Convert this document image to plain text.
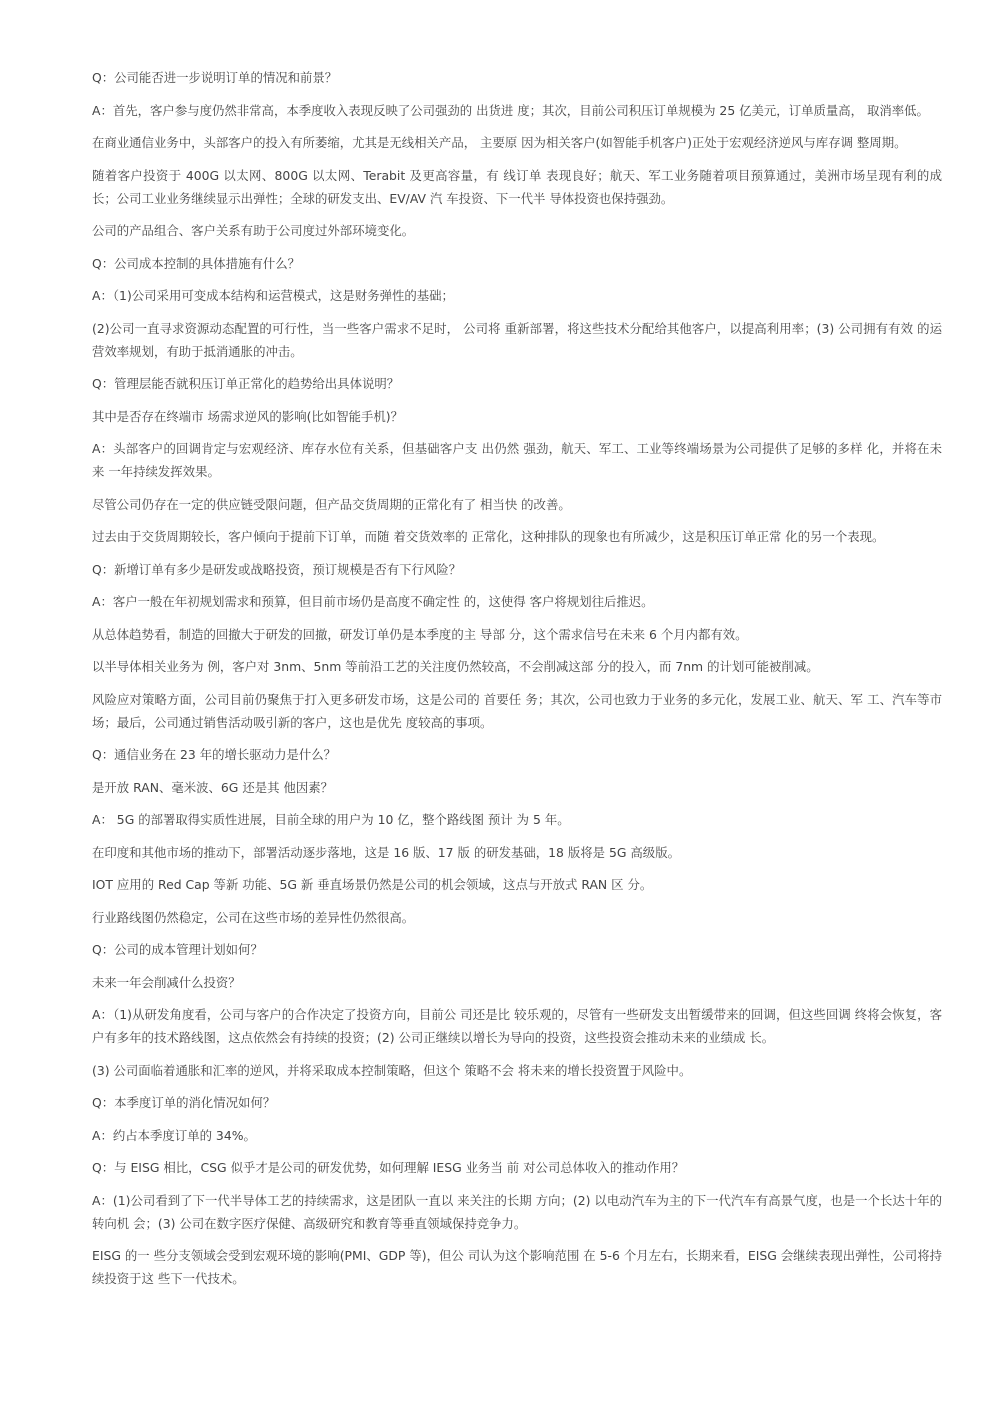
Q：公司能否进一步说明订单的情况和前景？

A：首先，客户参与度仍然非常高，本季度收入表现反映了公司强劲的 出货进 度；其次，目前公司积压订单规模为 25 亿美元，订单质量高， 取消率低。

在商业通信业务中，头部客户的投入有所萎缩，尤其是无线相关产品， 主要原 因为相关客户(如智能手机客户)正处于宏观经济逆风与库存调 整周期。

随着客户投资于 400G 以太网、800G 以太网、Terabit 及更高容量，有 线订单 表现良好；航天、军工业务随着项目预算通过，美洲市场呈现有利的成长；公司工业业务继续显示出弹性；全球的研发支出、EV/AV 汽 车投资、下一代半 导体投资也保持强劲。

公司的产品组合、客户关系有助于公司度过外部环境变化。

Q：公司成本控制的具体措施有什么？

A：（1)公司采用可变成本结构和运营模式，这是财务弹性的基础；

(2)公司一直寻求资源动态配置的可行性，当一些客户需求不足时， 公司将 重新部署，将这些技术分配给其他客户，以提高利用率；(3) 公司拥有有效 的运营效率规划，有助于抵消通胀的冲击。

Q：管理层能否就积压订单正常化的趋势给出具体说明？

其中是否存在终端市 场需求逆风的影响(比如智能手机)？

A：头部客户的回调肯定与宏观经济、库存水位有关系，但基础客户支 出仍然 强劲，航天、军工、工业等终端场景为公司提供了足够的多样 化，并将在未来 一年持续发挥效果。

尽管公司仍存在一定的供应链受限问题，但产品交货周期的正常化有了 相当快 的改善。

过去由于交货周期较长，客户倾向于提前下订单，而随 着交货效率的 正常化，这种排队的现象也有所减少，这是积压订单正常 化的另一个表现。

Q：新增订单有多少是研发或战略投资，预订规模是否有下行风险？

A：客户一般在年初规划需求和预算，但目前市场仍是高度不确定性 的，这使得 客户将规划往后推迟。

从总体趋势看，制造的回撤大于研发的回撤，研发订单仍是本季度的主 导部 分，这个需求信号在未来 6 个月内都有效。

以半导体相关业务为 例，客户对 3nm、5nm 等前沿工艺的关注度仍然较高，不会削减这部 分的投入，而 7nm 的计划可能被削减。

风险应对策略方面，公司目前仍聚焦于打入更多研发市场，这是公司的 首要任 务；其次，公司也致力于业务的多元化，发展工业、航天、军 工、汽车等市 场；最后，公司通过销售活动吸引新的客户，这也是优先 度较高的事项。

Q：通信业务在 23 年的增长驱动力是什么？

是开放 RAN、毫米波、6G 还是其 他因素？

A： 5G 的部署取得实质性进展，目前全球的用户为 10 亿，整个路线图 预计 为 5 年。

在印度和其他市场的推动下，部署活动逐步落地，这是 16 版、17 版 的研发基础，18 版将是 5G 高级版。

IOT 应用的 Red Cap 等新 功能、5G 新 垂直场景仍然是公司的机会领域，这点与开放式 RAN 区 分。

行业路线图仍然稳定，公司在这些市场的差异性仍然很高。

Q：公司的成本管理计划如何？

未来一年会削减什么投资？

A：（1)从研发角度看，公司与客户的合作决定了投资方向，目前公 司还是比 较乐观的，尽管有一些研发支出暂缓带来的回调，但这些回调 终将会恢复，客 户有多年的技术路线图，这点依然会有持续的投资；(2) 公司正继续以增长为导向的投资，这些投资会推动未来的业绩成 长。

(3) 公司面临着通胀和汇率的逆风，并将采取成本控制策略，但这个 策略不会 将未来的增长投资置于风险中。

Q：本季度订单的消化情况如何？

A：约占本季度订单的 34%。

Q：与 EISG 相比，CSG 似乎才是公司的研发优势，如何理解 IESG 业务当 前 对公司总体收入的推动作用？

A：(1)公司看到了下一代半导体工艺的持续需求，这是团队一直以 来关注的长期 方向；(2) 以电动汽车为主的下一代汽车有高景气度，也是一个长达十年的 转向机 会；(3) 公司在数字医疗保健、高级研究和教育等垂直领域保持竞争力。

EISG 的一 些分支领域会受到宏观环境的影响(PMI、GDP 等)，但公 司认为这个影响范围 在 5-6 个月左右，长期来看，EISG 会继续表现出弹性，公司将持续投资于这 些下一代技术。
